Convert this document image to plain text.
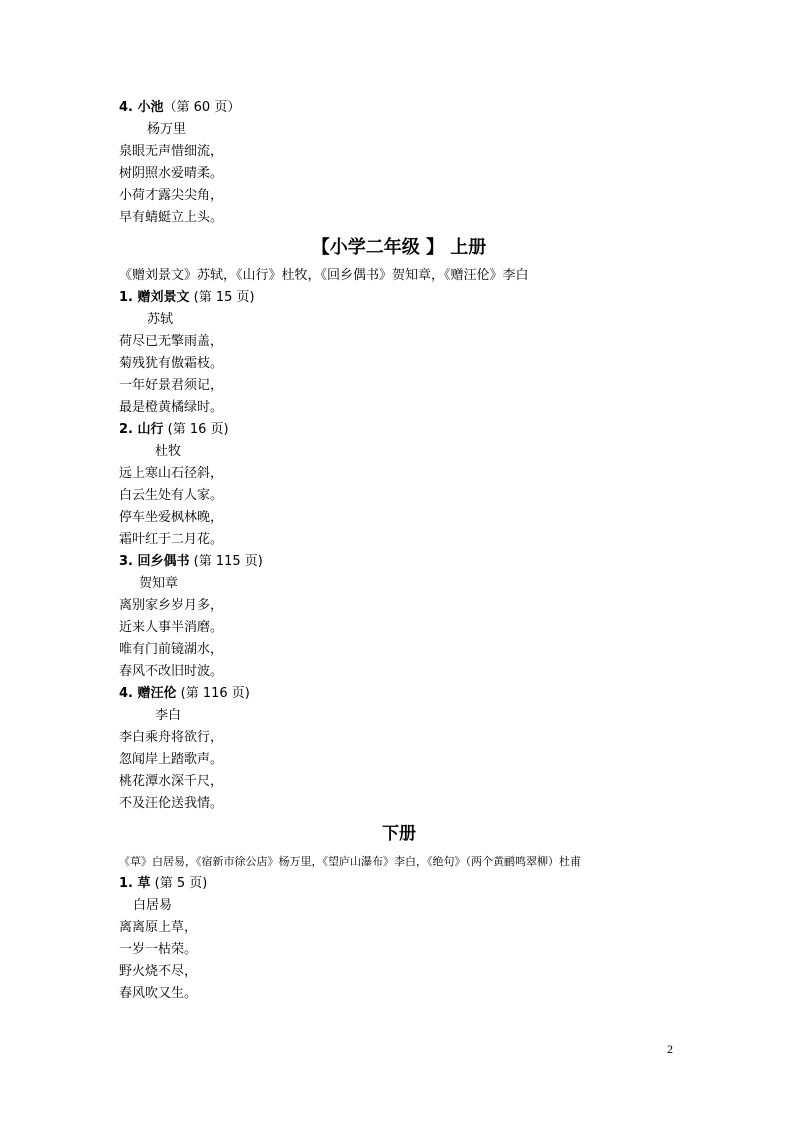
4. 小池（第 60 页）
杨万里
泉眼无声惜细流，
树阴照水爱晴柔。
小荷才露尖尖角，
早有蜻蜓立上头。
【小学二年级 】 上册
《赠刘景文》苏轼，《山行》杜牧，《回乡偶书》贺知章，《赠汪伦》李白
1. 赠刘景文 (第 15 页)
苏轼
荷尽已无擎雨盖，
菊残犹有傲霜枝。
一年好景君须记，
最是橙黄橘绿时。
2. 山行 (第 16 页)
杜牧
远上寒山石径斜，
白云生处有人家。
停车坐爱枫林晚，
霜叶红于二月花。
3. 回乡偶书 (第 115 页)
贺知章
离别家乡岁月多，
近来人事半消磨。
唯有门前镜湖水，
春风不改旧时波。
4. 赠汪伦 (第 116 页)
李白
李白乘舟将欲行，
忽闻岸上踏歌声。
桃花潭水深千尺，
不及汪伦送我情。
下册
《草》白居易，《宿新市徐公店》杨万里，《望庐山瀑布》李白，《绝句》（两个黄鹂鸣翠柳）杜甫
1. 草 (第 5 页)
白居易
离离原上草，
一岁一枯荣。
野火烧不尽，
春风吹又生。
2
